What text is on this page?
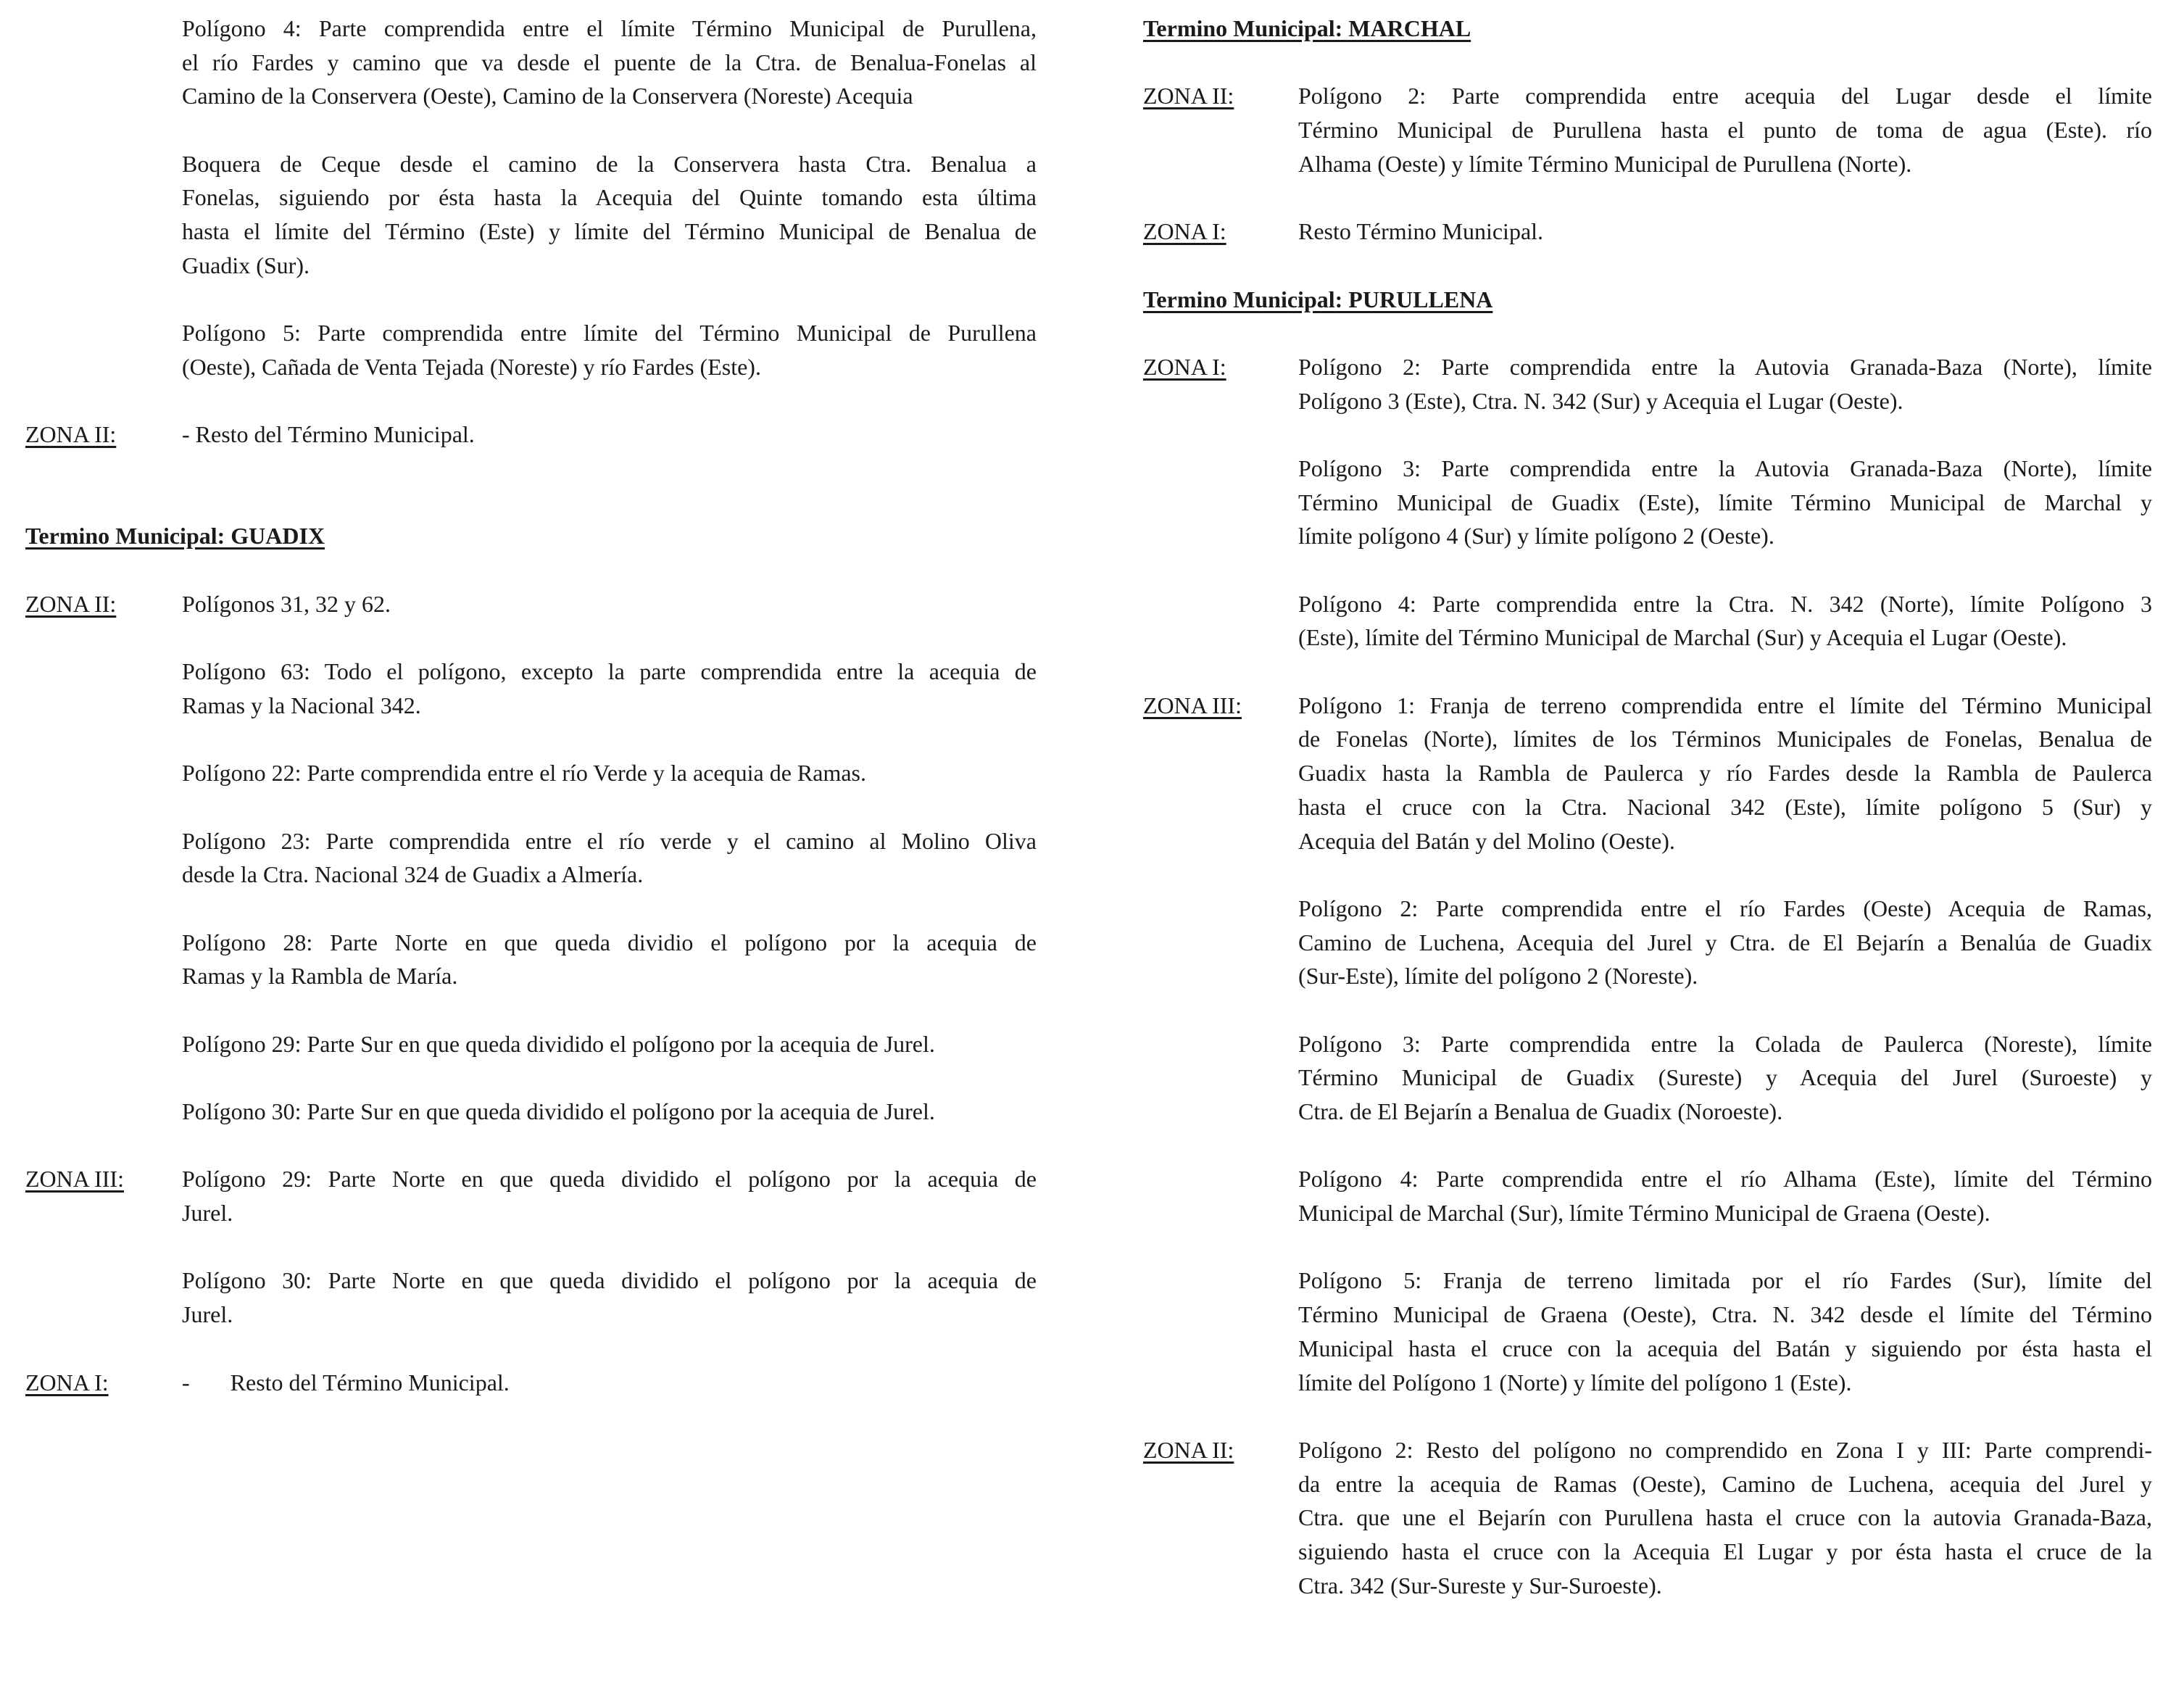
Polígono 4: Parte comprendida entre el límite Término Municipal de Purullena,
el río Fardes y camino que va desde el puente de la Ctra. de Benalua-Fonelas al
Camino de la Conservera (Oeste), Camino de la Conservera (Noreste) Acequia
Boquera de Ceque desde el camino de la Conservera hasta Ctra. Benalua a
Fonelas, siguiendo por ésta hasta la Acequia del Quinte tomando esta última
hasta el límite del Término (Este) y límite del Término Municipal de Benalua de
Guadix (Sur).
Polígono 5: Parte comprendida entre límite del Término Municipal de Purullena
(Oeste), Cañada de Venta Tejada (Noreste) y río Fardes (Este).
ZONA II:	- Resto del Término Municipal.
Termino Municipal: GUADIX
ZONA II:	Polígonos 31, 32 y 62.
Polígono 63: Todo el polígono, excepto la parte comprendida entre la acequia de
Ramas y la Nacional 342.
Polígono 22: Parte comprendida entre el río Verde y la acequia de Ramas.
Polígono 23: Parte comprendida entre el río verde y el camino al Molino Oliva
desde la Ctra. Nacional 324 de Guadix a Almería.
Polígono 28: Parte Norte en que queda dividio el polígono por la acequia de
Ramas y la Rambla de María.
Polígono 29: Parte Sur en que queda dividido el polígono por la acequia de Jurel.
Polígono 30: Parte Sur en que queda dividido el polígono por la acequia de Jurel.
ZONA III:	Polígono 29: Parte Norte en que queda dividido el polígono por la acequia de
Jurel.
Polígono 30: Parte Norte en que queda dividido el polígono por la acequia de
Jurel.
ZONA I:	-       Resto del Término Municipal.
Termino Municipal: MARCHAL
ZONA II:	Polígono 2: Parte comprendida entre acequia del Lugar desde el límite
Término Municipal de Purullena hasta el punto de toma de agua (Este). río
Alhama (Oeste) y límite Término Municipal de Purullena (Norte).
ZONA I:	Resto Término Municipal.
Termino Municipal: PURULLENA
ZONA I:	Polígono 2: Parte comprendida entre la Autovia Granada-Baza (Norte), límite
Polígono 3 (Este), Ctra. N. 342 (Sur) y Acequia el Lugar (Oeste).
Polígono 3: Parte comprendida entre la Autovia Granada-Baza (Norte), límite
Término Municipal de Guadix (Este), límite Término Municipal de Marchal y
límite polígono 4 (Sur) y límite polígono 2 (Oeste).
Polígono 4: Parte comprendida entre la Ctra. N. 342 (Norte), límite Polígono 3
(Este), límite del Término Municipal de Marchal (Sur) y Acequia el Lugar (Oeste).
ZONA III: Polígono 1: Franja de terreno comprendida entre el límite del Término Municipal
de Fonelas (Norte), límites de los Términos Municipales de Fonelas, Benalua de
Guadix hasta la Rambla de Paulerca y río Fardes desde la Rambla de Paulerca
hasta el cruce con la Ctra. Nacional 342 (Este), límite polígono 5 (Sur) y
Acequia del Batán y del Molino (Oeste).
Polígono 2: Parte comprendida entre el río Fardes (Oeste) Acequia de Ramas,
Camino de Luchena, Acequia del Jurel y Ctra. de El Bejarín a Benalúa de Guadix
(Sur-Este), límite del polígono 2 (Noreste).
Polígono 3: Parte comprendida entre la Colada de Paulerca (Noreste), límite
Término Municipal de Guadix (Sureste) y Acequia del Jurel (Suroeste) y
Ctra. de El Bejarín a Benalua de Guadix (Noroeste).
Polígono 4: Parte comprendida entre el río Alhama (Este), límite del Término
Municipal de Marchal (Sur), límite Término Municipal de Graena (Oeste).
Polígono 5: Franja de terreno limitada por el río Fardes (Sur), límite del
Término Municipal de Graena (Oeste), Ctra. N. 342 desde el límite del Término
Municipal hasta el cruce con la acequia del Batán y siguiendo por ésta hasta el
límite del Polígono 1 (Norte) y límite del polígono 1 (Este).
ZONA II:	Polígono 2: Resto del polígono no comprendido en Zona I y III: Parte comprendi-
da entre la acequia de Ramas (Oeste), Camino de Luchena, acequia del Jurel y
Ctra. que une el Bejarín con Purullena hasta el cruce con la autovia Granada-Baza,
siguiendo hasta el cruce con la Acequia El Lugar y por ésta hasta el cruce de la
Ctra. 342 (Sur-Sureste y Sur-Suroeste).
